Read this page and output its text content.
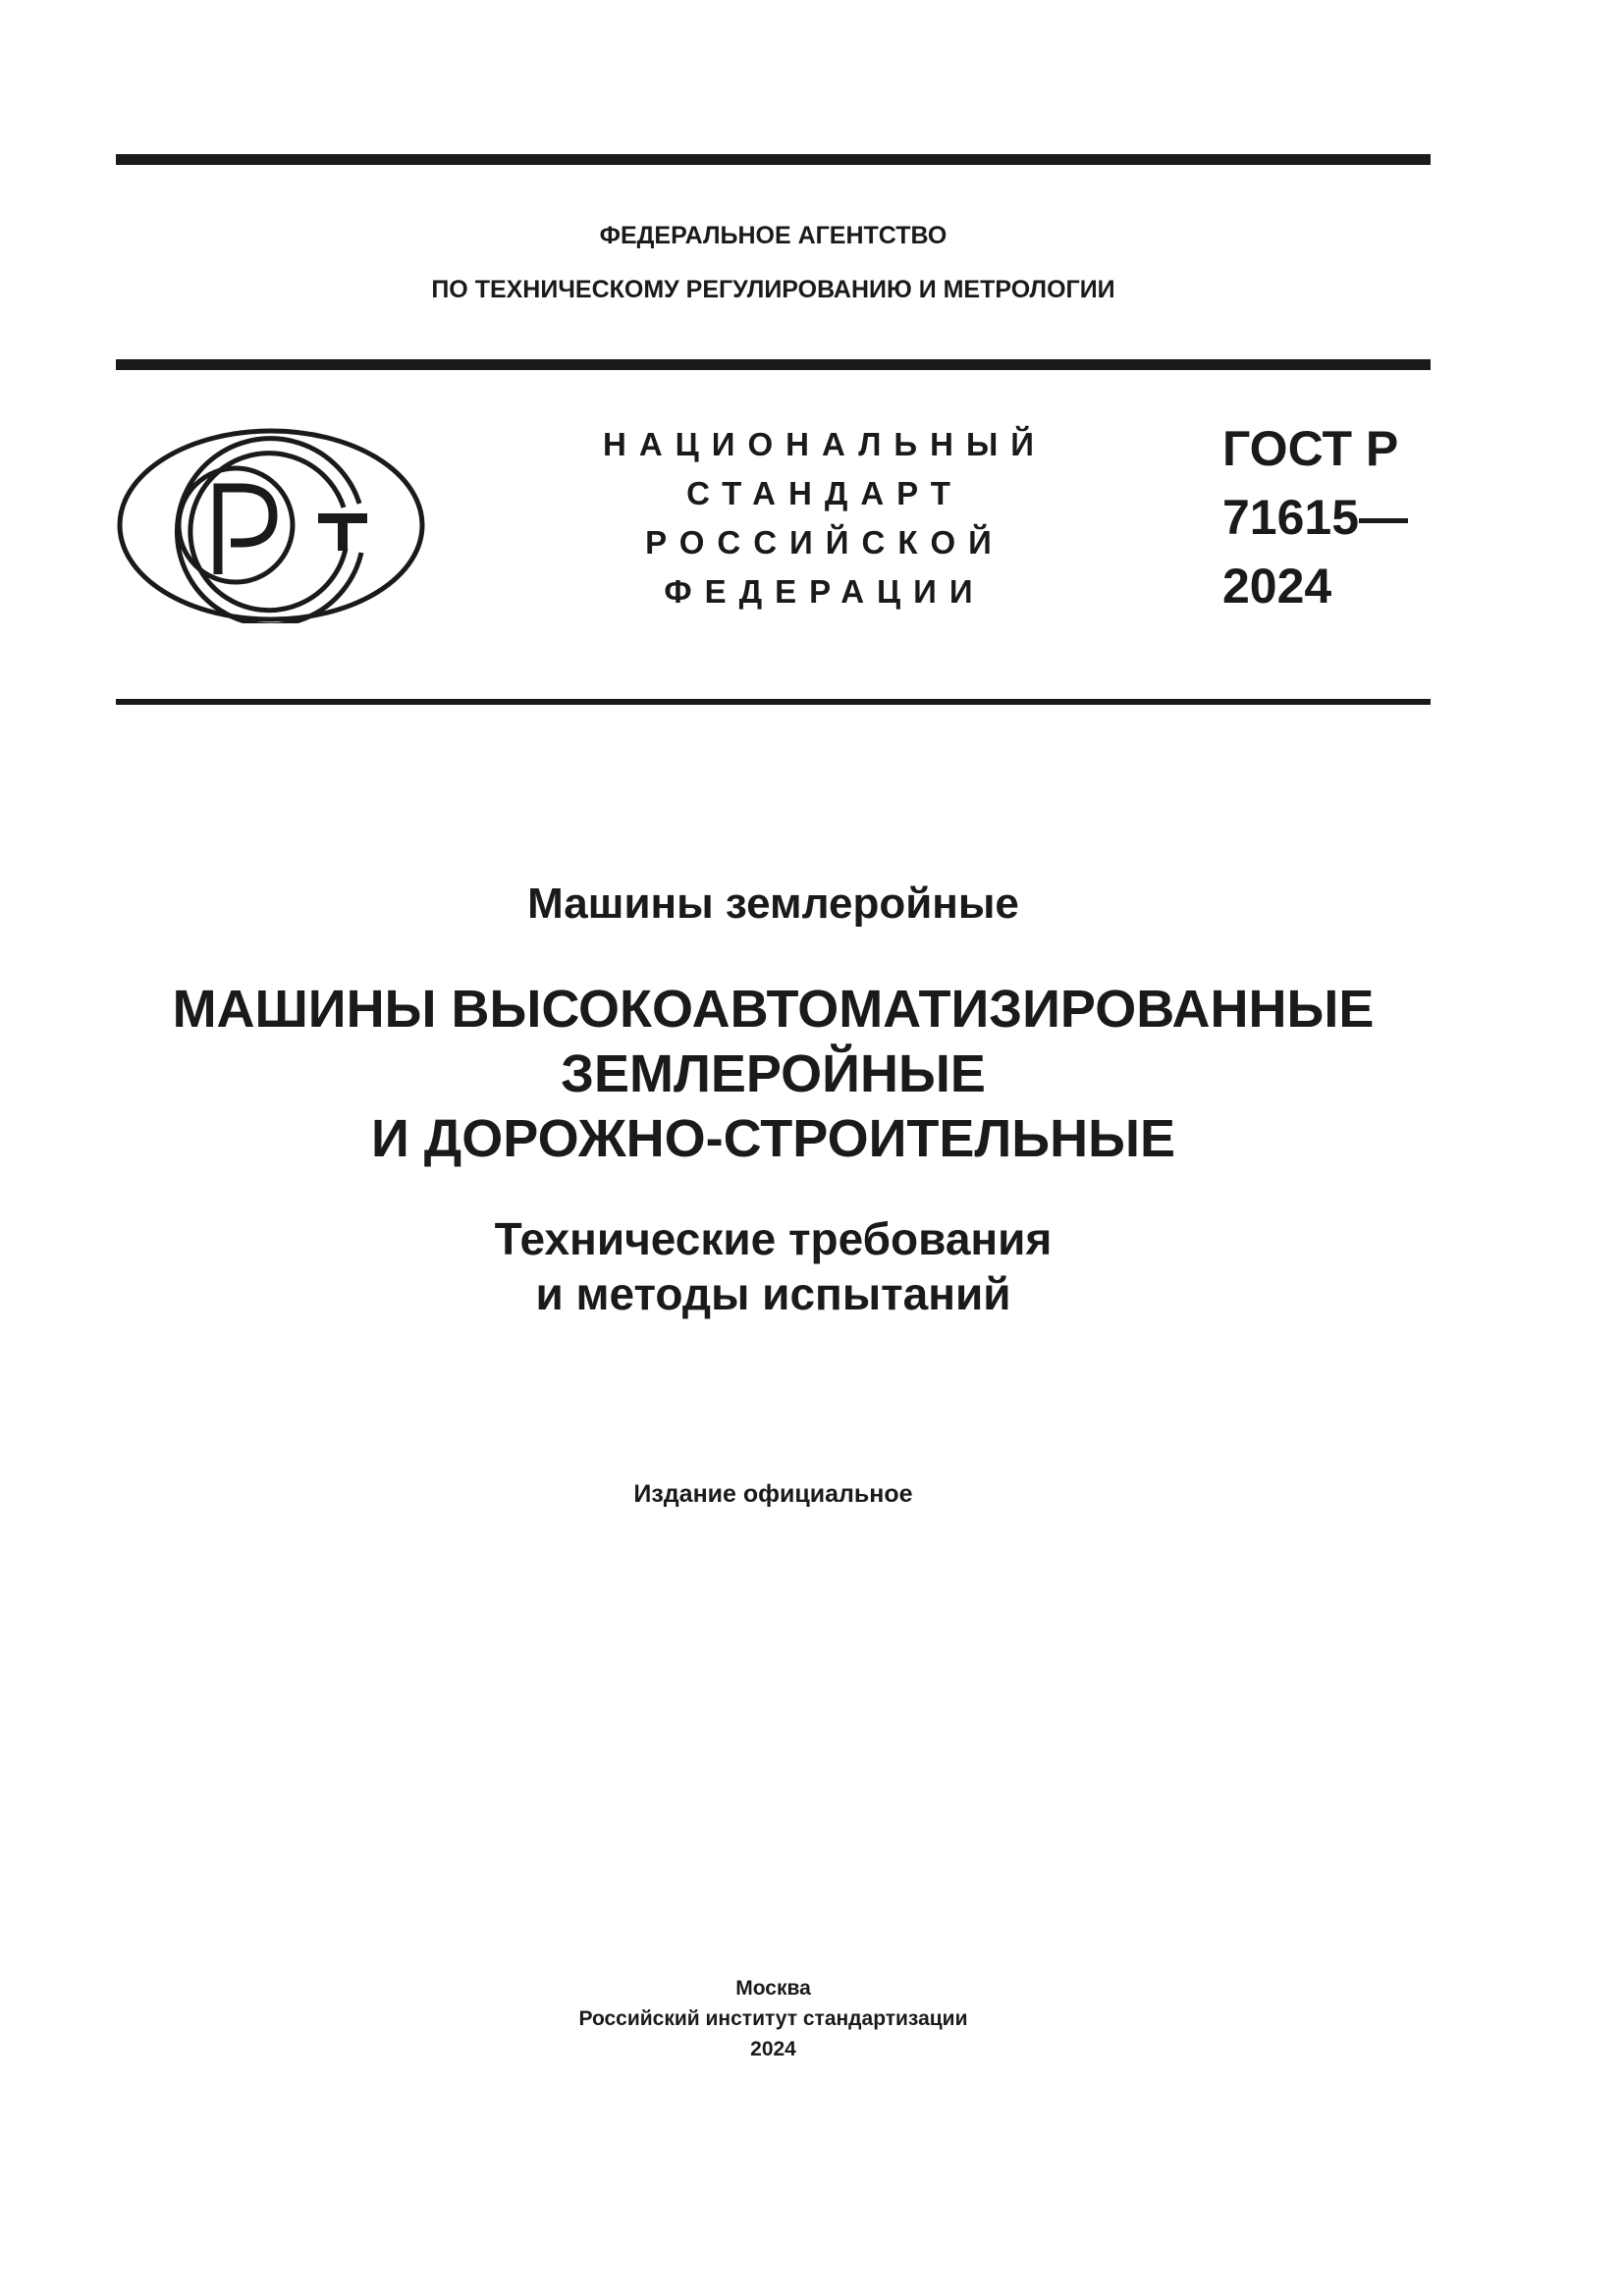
ФЕДЕРАЛЬНОЕ АГЕНТСТВО
ПО ТЕХНИЧЕСКОМУ РЕГУЛИРОВАНИЮ И МЕТРОЛОГИИ
НАЦИОНАЛЬНЫЙ
СТАНДАРТ
РОССИЙСКОЙ
ФЕДЕРАЦИИ
ГОСТ Р
71615—
2024
Машины землеройные
МАШИНЫ ВЫСОКОАВТОМАТИЗИРОВАННЫЕ
ЗЕМЛЕРОЙНЫЕ
И ДОРОЖНО-СТРОИТЕЛЬНЫЕ
Технические требования
и методы испытаний
Издание официальное
Москва
Российский институт стандартизации
2024
